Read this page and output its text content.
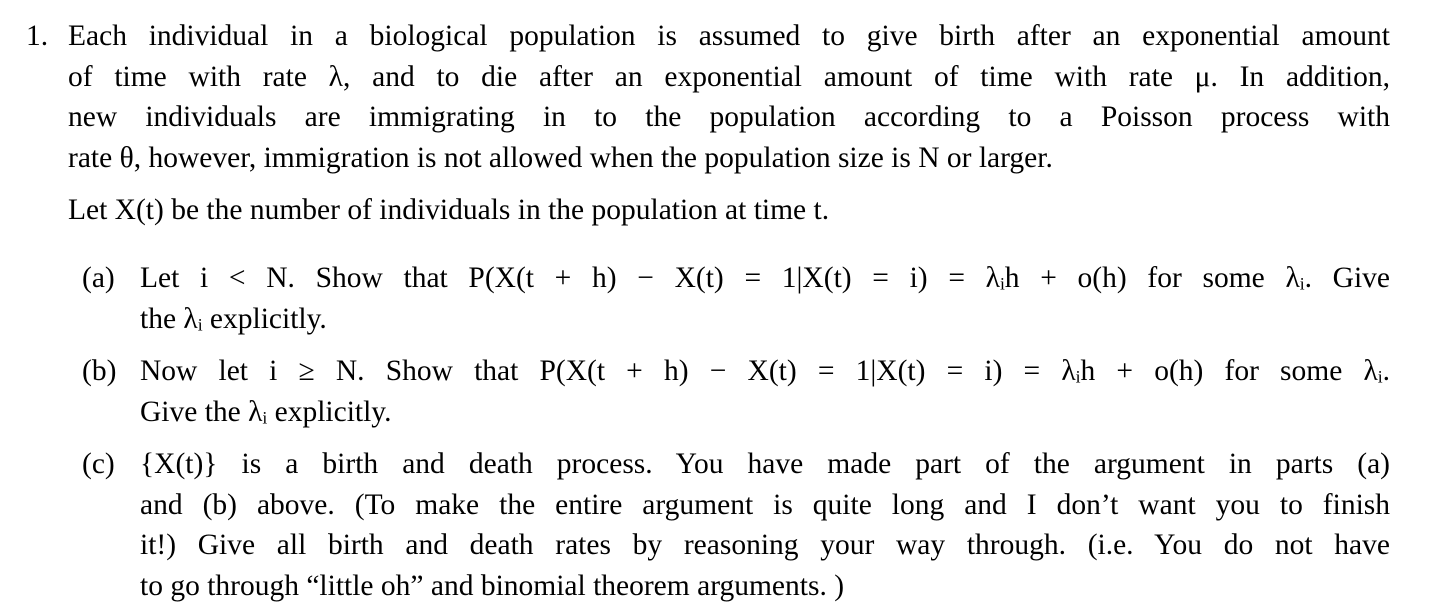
1. Each individual in a biological population is assumed to give birth after an exponential amount
of time with rate λ, and to die after an exponential amount of time with rate μ. In addition,
new individuals are immigrating in to the population according to a Poisson process with
rate θ, however, immigration is not allowed when the population size is N or larger.
Let X(t) be the number of individuals in the population at time t.
(a) Let i < N. Show that P(X(t + h) − X(t) = 1|X(t) = i) = λᵢh + o(h) for some λᵢ. Give
the λᵢ explicitly.
(b) Now let i ≥ N. Show that P(X(t + h) − X(t) = 1|X(t) = i) = λᵢh + o(h) for some λᵢ.
Give the λᵢ explicitly.
(c) {X(t)} is a birth and death process. You have made part of the argument in parts (a)
and (b) above. (To make the entire argument is quite long and I don’t want you to finish
it!) Give all birth and death rates by reasoning your way through. (i.e. You do not have
to go through “little oh” and binomial theorem arguments. )
